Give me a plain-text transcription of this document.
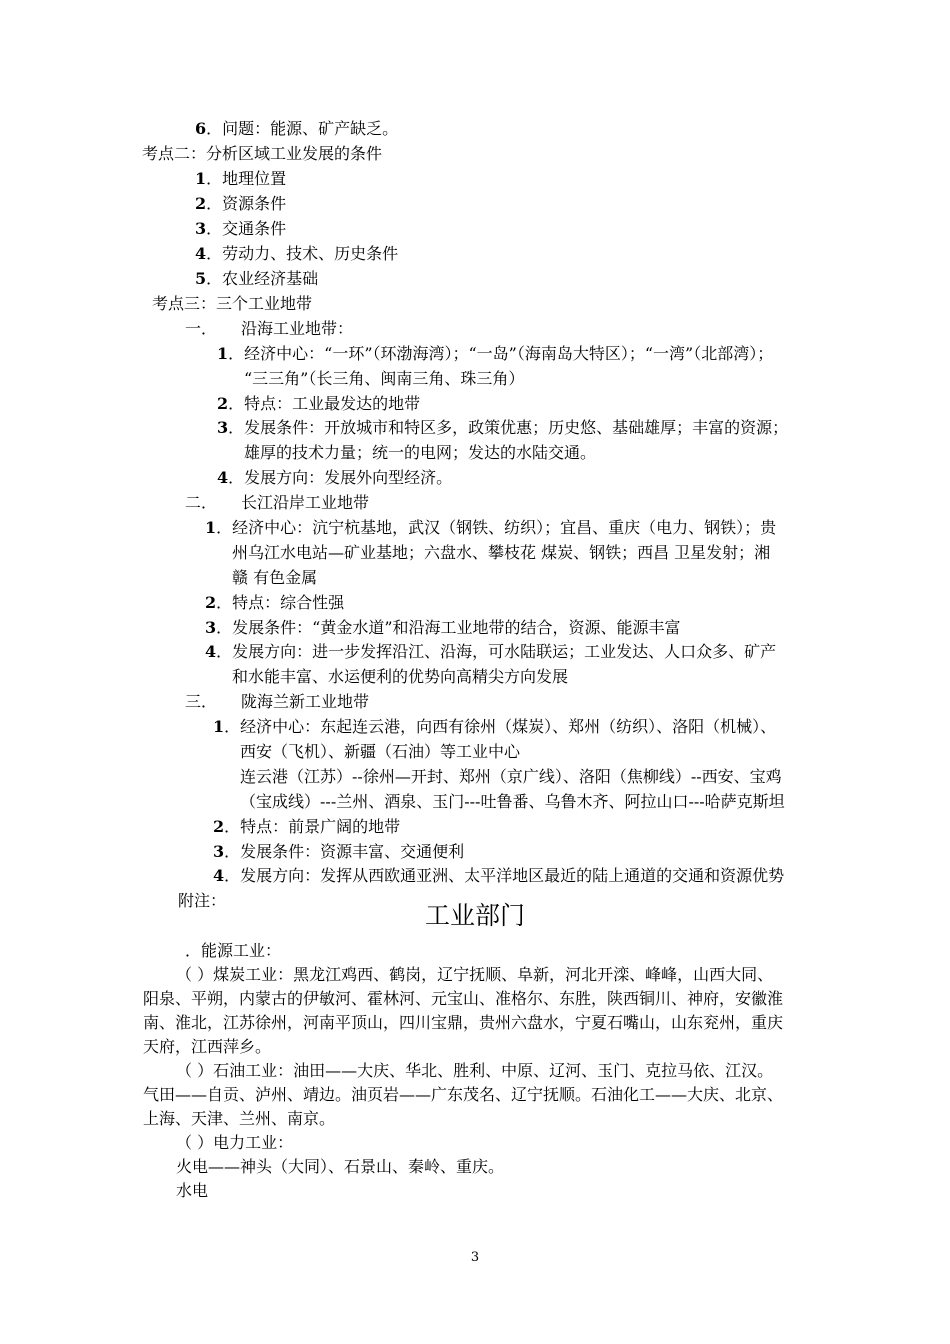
6．问题：能源、矿产缺乏。
考点二：分析区域工业发展的条件
1．地理位置
2．资源条件
3．交通条件
4．劳动力、技术、历史条件
5．农业经济基础
考点三：三个工业地带
一．　　沿海工业地带：
1．经济中心：“一环”（环渤海湾）；“一岛”（海南岛大特区）；“一湾”（北部湾）；
“三三角”（长三角、闽南三角、珠三角）
2．特点：工业最发达的地带
3．发展条件：开放城市和特区多，政策优惠；历史悠、基础雄厚；丰富的资源；
雄厚的技术力量；统一的电网；发达的水陆交通。
4．发展方向：发展外向型经济。
二．　　长江沿岸工业地带
1．经济中心：沆宁杭基地，武汉（钢铁、纺织）；宜昌、重庆（电力、钢铁）；贵
州乌江水电站—矿业基地；六盘水、攀枝花 煤炭、钢铁；西昌 卫星发射；湘
赣 有色金属
2．特点：综合性强
3．发展条件：“黄金水道”和沿海工业地带的结合，资源、能源丰富
4．发展方向：进一步发挥沿江、沿海，可水陆联运；工业发达、人口众多、矿产
和水能丰富、水运便利的优势向高精尖方向发展
三．　　陇海兰新工业地带
1．经济中心：东起连云港，向西有徐州（煤炭）、郑州（纺织）、洛阳（机械）、
西安（飞机）、新疆（石油）等工业中心
连云港（江苏）--徐州—开封、郑州（京广线）、洛阳（焦柳线）--西安、宝鸡
（宝成线）---兰州、酒泉、玉门---吐鲁番、乌鲁木齐、阿拉山口---哈萨克斯坦
2．特点：前景广阔的地带
3．发展条件：资源丰富、交通便利
4．发展方向：发挥从西欧通亚洲、太平洋地区最近的陆上通道的交通和资源优势
附注：
工业部门
．能源工业：
（ ）煤炭工业：黑龙江鸡西、鹤岗，辽宁抚顺、阜新，河北开滦、峰峰，山西大同、
阳泉、平朔，内蒙古的伊敏河、霍林河、元宝山、准格尔、东胜，陕西铜川、神府，安徽淮
南、淮北，江苏徐州，河南平顶山，四川宝鼎，贵州六盘水，宁夏石嘴山，山东兖州，重庆
天府，江西萍乡。
（ ）石油工业：油田——大庆、华北、胜利、中原、辽河、玉门、克拉马依、江汉。
气田——自贡、泸州、靖边。油页岩——广东茂名、辽宁抚顺。石油化工——大庆、北京、
上海、天津、兰州、南京。
（ ）电力工业：
火电——神头（大同）、石景山、秦岭、重庆。
水电
3
